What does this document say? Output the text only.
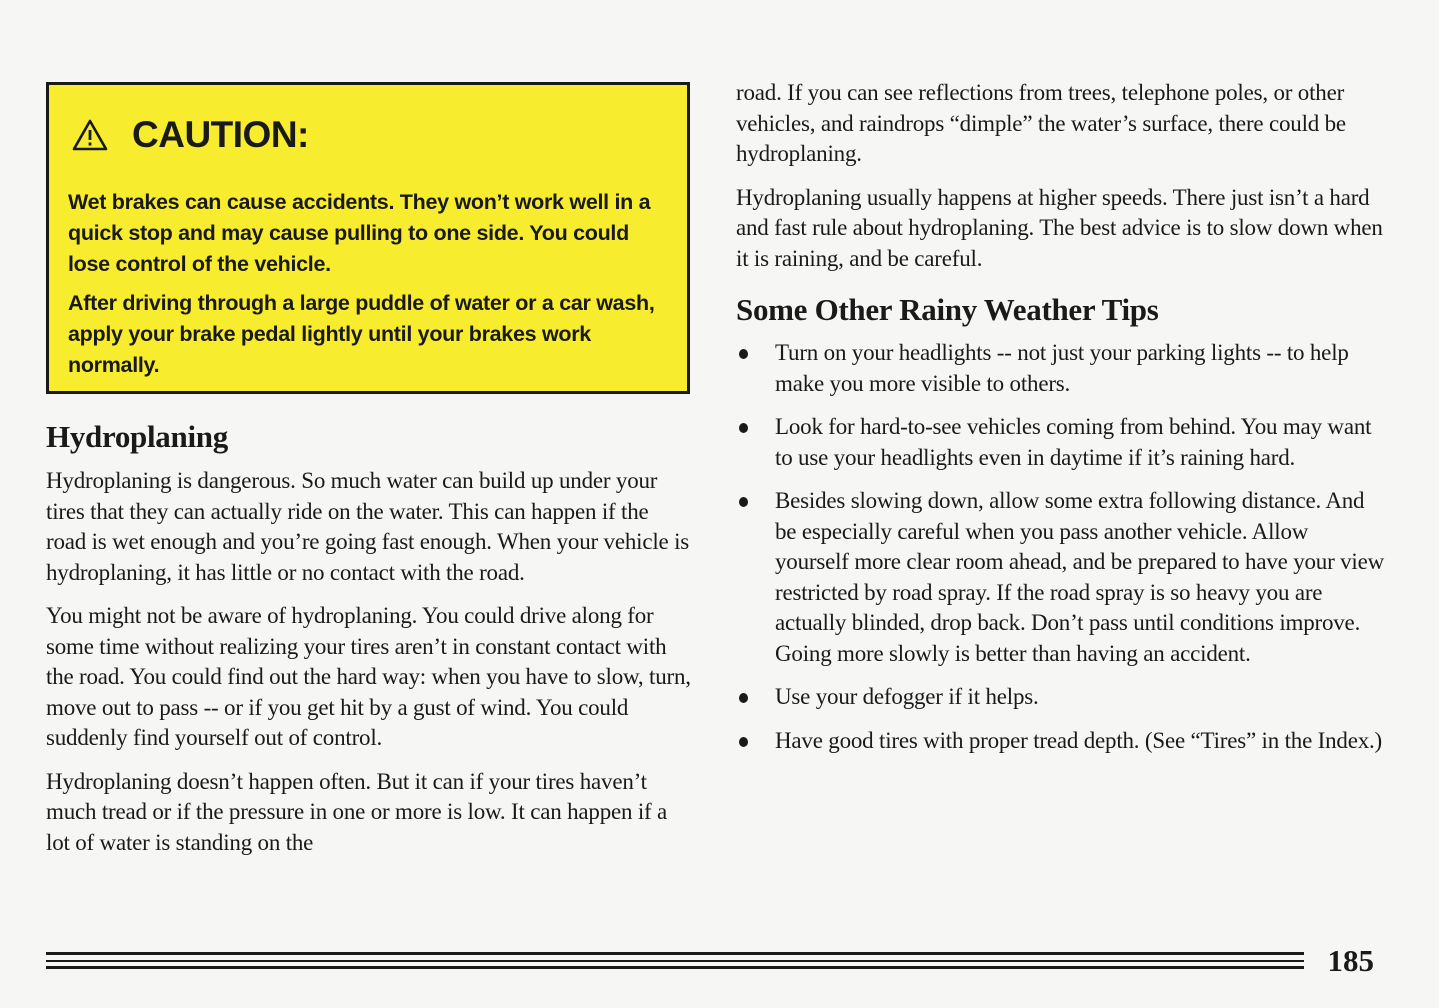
CAUTION:

Wet brakes can cause accidents. They won’t work well in a quick stop and may cause pulling to one side. You could lose control of the vehicle.

After driving through a large puddle of water or a car wash, apply your brake pedal lightly until your brakes work normally.

Hydroplaning

Hydroplaning is dangerous. So much water can build up under your tires that they can actually ride on the water. This can happen if the road is wet enough and you’re going fast enough. When your vehicle is hydroplaning, it has little or no contact with the road.

You might not be aware of hydroplaning. You could drive along for some time without realizing your tires aren’t in constant contact with the road. You could find out the hard way: when you have to slow, turn, move out to pass -- or if you get hit by a gust of wind. You could suddenly find yourself out of control.

Hydroplaning doesn’t happen often. But it can if your tires haven’t much tread or if the pressure in one or more is low. It can happen if a lot of water is standing on the

road. If you can see reflections from trees, telephone poles, or other vehicles, and raindrops “dimple” the water’s surface, there could be hydroplaning.

Hydroplaning usually happens at higher speeds. There just isn’t a hard and fast rule about hydroplaning. The best advice is to slow down when it is raining, and be careful.

Some Other Rainy Weather Tips
Turn on your headlights -- not just your parking lights -- to help make you more visible to others.
Look for hard-to-see vehicles coming from behind. You may want to use your headlights even in daytime if it’s raining hard.
Besides slowing down, allow some extra following distance. And be especially careful when you pass another vehicle. Allow yourself more clear room ahead, and be prepared to have your view restricted by road spray. If the road spray is so heavy you are actually blinded, drop back. Don’t pass until conditions improve. Going more slowly is better than having an accident.
Use your defogger if it helps.
Have good tires with proper tread depth. (See “Tires” in the Index.)
185
